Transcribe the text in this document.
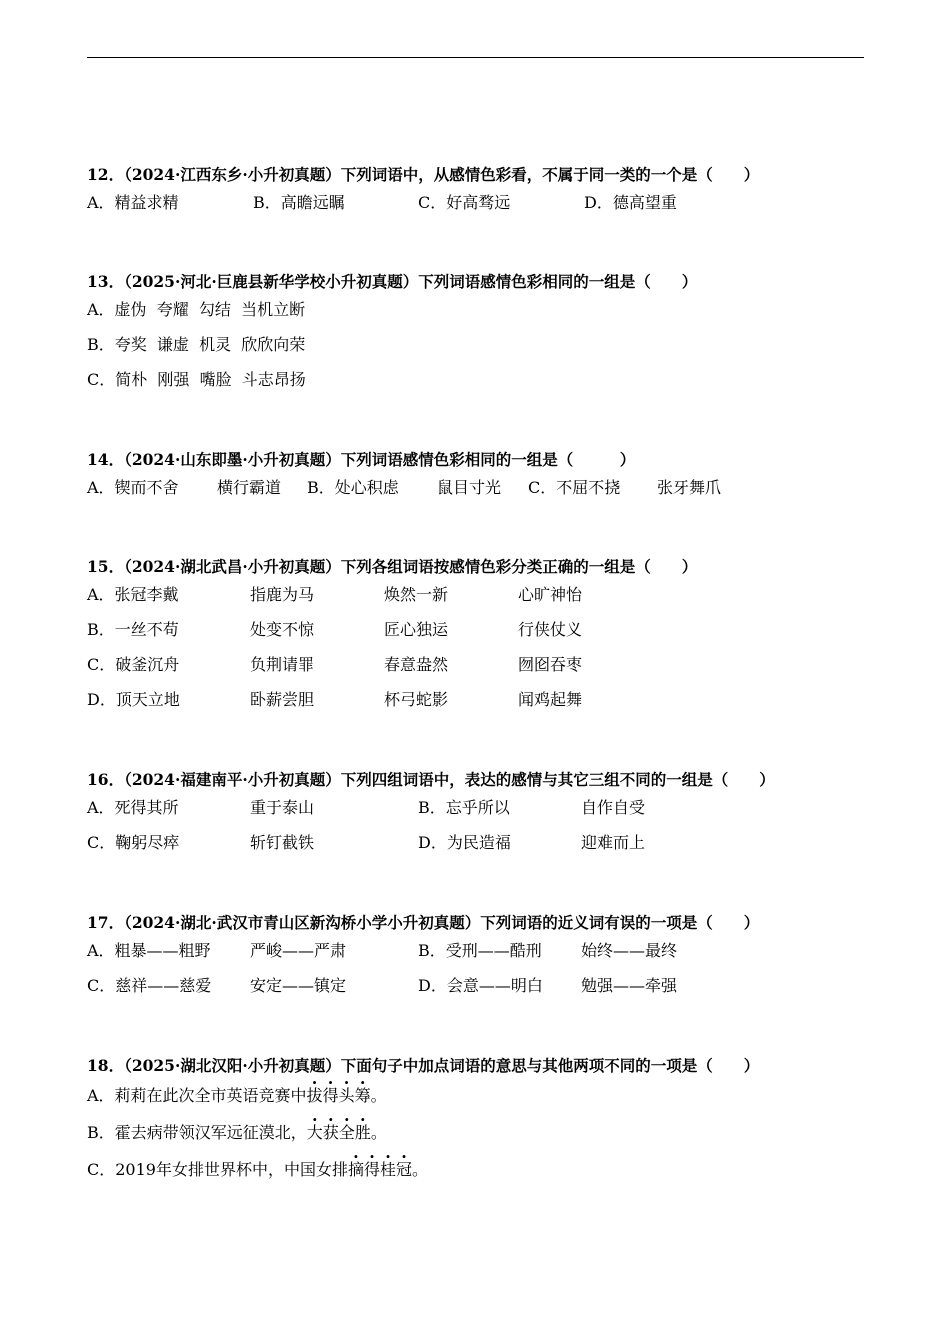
12．（2024·江西东乡·小升初真题）下列词语中，从感情色彩看，不属于同一类的一个是（　　）
A．精益求精	B．高瞻远瞩	C．好高骛远	D．德高望重
13．（2025·河北·巨鹿县新华学校小升初真题）下列词语感情色彩相同的一组是（　　）
A．虚伪  夸耀  勾结  当机立断
B．夸奖  谦虚  机灵  欣欣向荣
C．简朴  刚强  嘴脸  斗志昂扬
14．（2024·山东即墨·小升初真题）下列词语感情色彩相同的一组是（　　　）
A．锲而不舍 横行霸道 B．处心积虑 鼠目寸光 C．不屈不挠 张牙舞爪
15．（2024·湖北武昌·小升初真题）下列各组词语按感情色彩分类正确的一组是（　　）
A．张冠李戴	指鹿为马	焕然一新	心旷神怡
B．一丝不苟	处变不惊	匠心独运	行侠仗义
C．破釜沉舟	负荆请罪	春意盎然	囫囵吞枣
D．顶天立地	卧薪尝胆	杯弓蛇影	闻鸡起舞
16．（2024·福建南平·小升初真题）下列四组词语中，表达的感情与其它三组不同的一组是（　　）
A．死得其所	重于泰山	B．忘乎所以	自作自受
C．鞠躬尽瘁	斩钉截铁	D．为民造福	迎难而上
17．（2024·湖北·武汉市青山区新沟桥小学小升初真题）下列词语的近义词有误的一项是（　　）
A．粗暴——粗野 严峻——严肃	B．受刑——酷刑 始终——最终
C．慈祥——慈爱 安定——镇定	D．会意——明白 勉强——牵强
18．（2025·湖北汉阳·小升初真题）下面句子中加点词语的意思与其他两项不同的一项是（　　）
A．莉莉在此次全市英语竞赛中拔得头筹。
B．霍去病带领汉军远征漠北，大获全胜。
C．2019年女排世界杯中，中国女排摘得桂冠。
